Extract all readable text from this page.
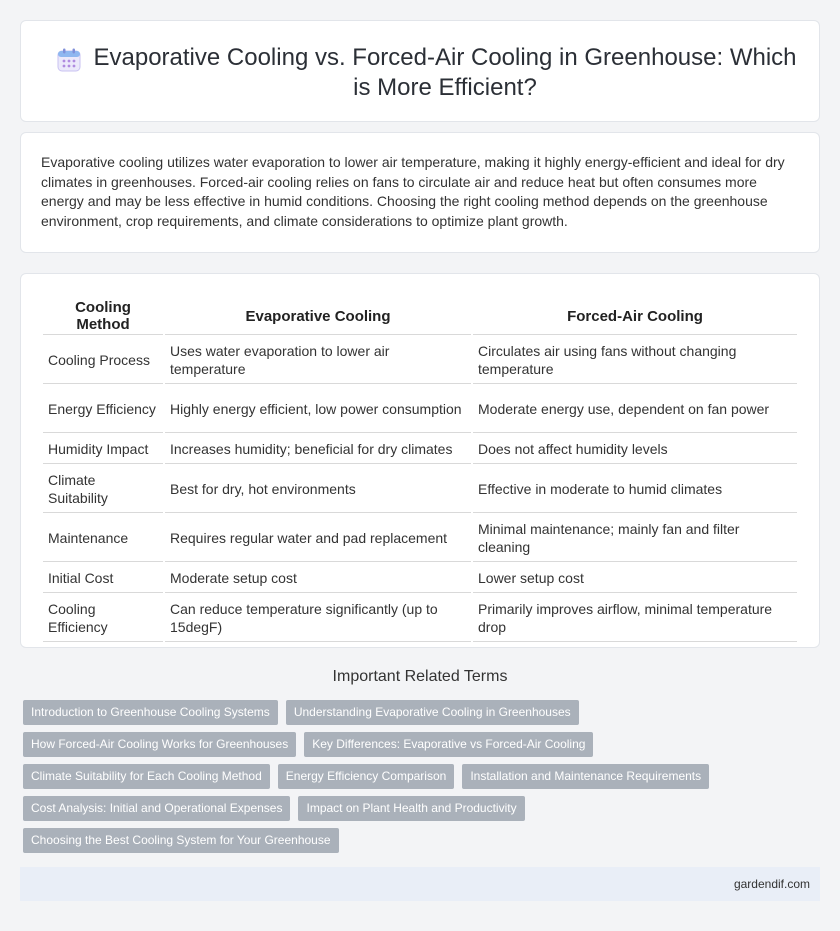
Evaporative Cooling vs. Forced-Air Cooling in Greenhouse: Which is More Efficient?

Evaporative cooling utilizes water evaporation to lower air temperature, making it highly energy-efficient and ideal for dry climates in greenhouses. Forced-air cooling relies on fans to circulate air and reduce heat but often consumes more energy and may be less effective in humid conditions. Choosing the right cooling method depends on the greenhouse environment, crop requirements, and climate considerations to optimize plant growth.

Cooling Method	Evaporative Cooling	Forced-Air Cooling
Cooling Process	Uses water evaporation to lower air temperature	Circulates air using fans without changing temperature
Energy Efficiency	Highly energy efficient, low power consumption	Moderate energy use, dependent on fan power
Humidity Impact	Increases humidity; beneficial for dry climates	Does not affect humidity levels
Climate Suitability	Best for dry, hot environments	Effective in moderate to humid climates
Maintenance	Requires regular water and pad replacement	Minimal maintenance; mainly fan and filter cleaning
Initial Cost	Moderate setup cost	Lower setup cost
Cooling Efficiency	Can reduce temperature significantly (up to 15degF)	Primarily improves airflow, minimal temperature drop
Important Related Terms
Introduction to Greenhouse Cooling Systems	Understanding Evaporative Cooling in Greenhouses
How Forced-Air Cooling Works for Greenhouses	Key Differences: Evaporative vs Forced-Air Cooling
Climate Suitability for Each Cooling Method	Energy Efficiency Comparison	Installation and Maintenance Requirements
Cost Analysis: Initial and Operational Expenses	Impact on Plant Health and Productivity
Choosing the Best Cooling System for Your Greenhouse
gardendif.com
